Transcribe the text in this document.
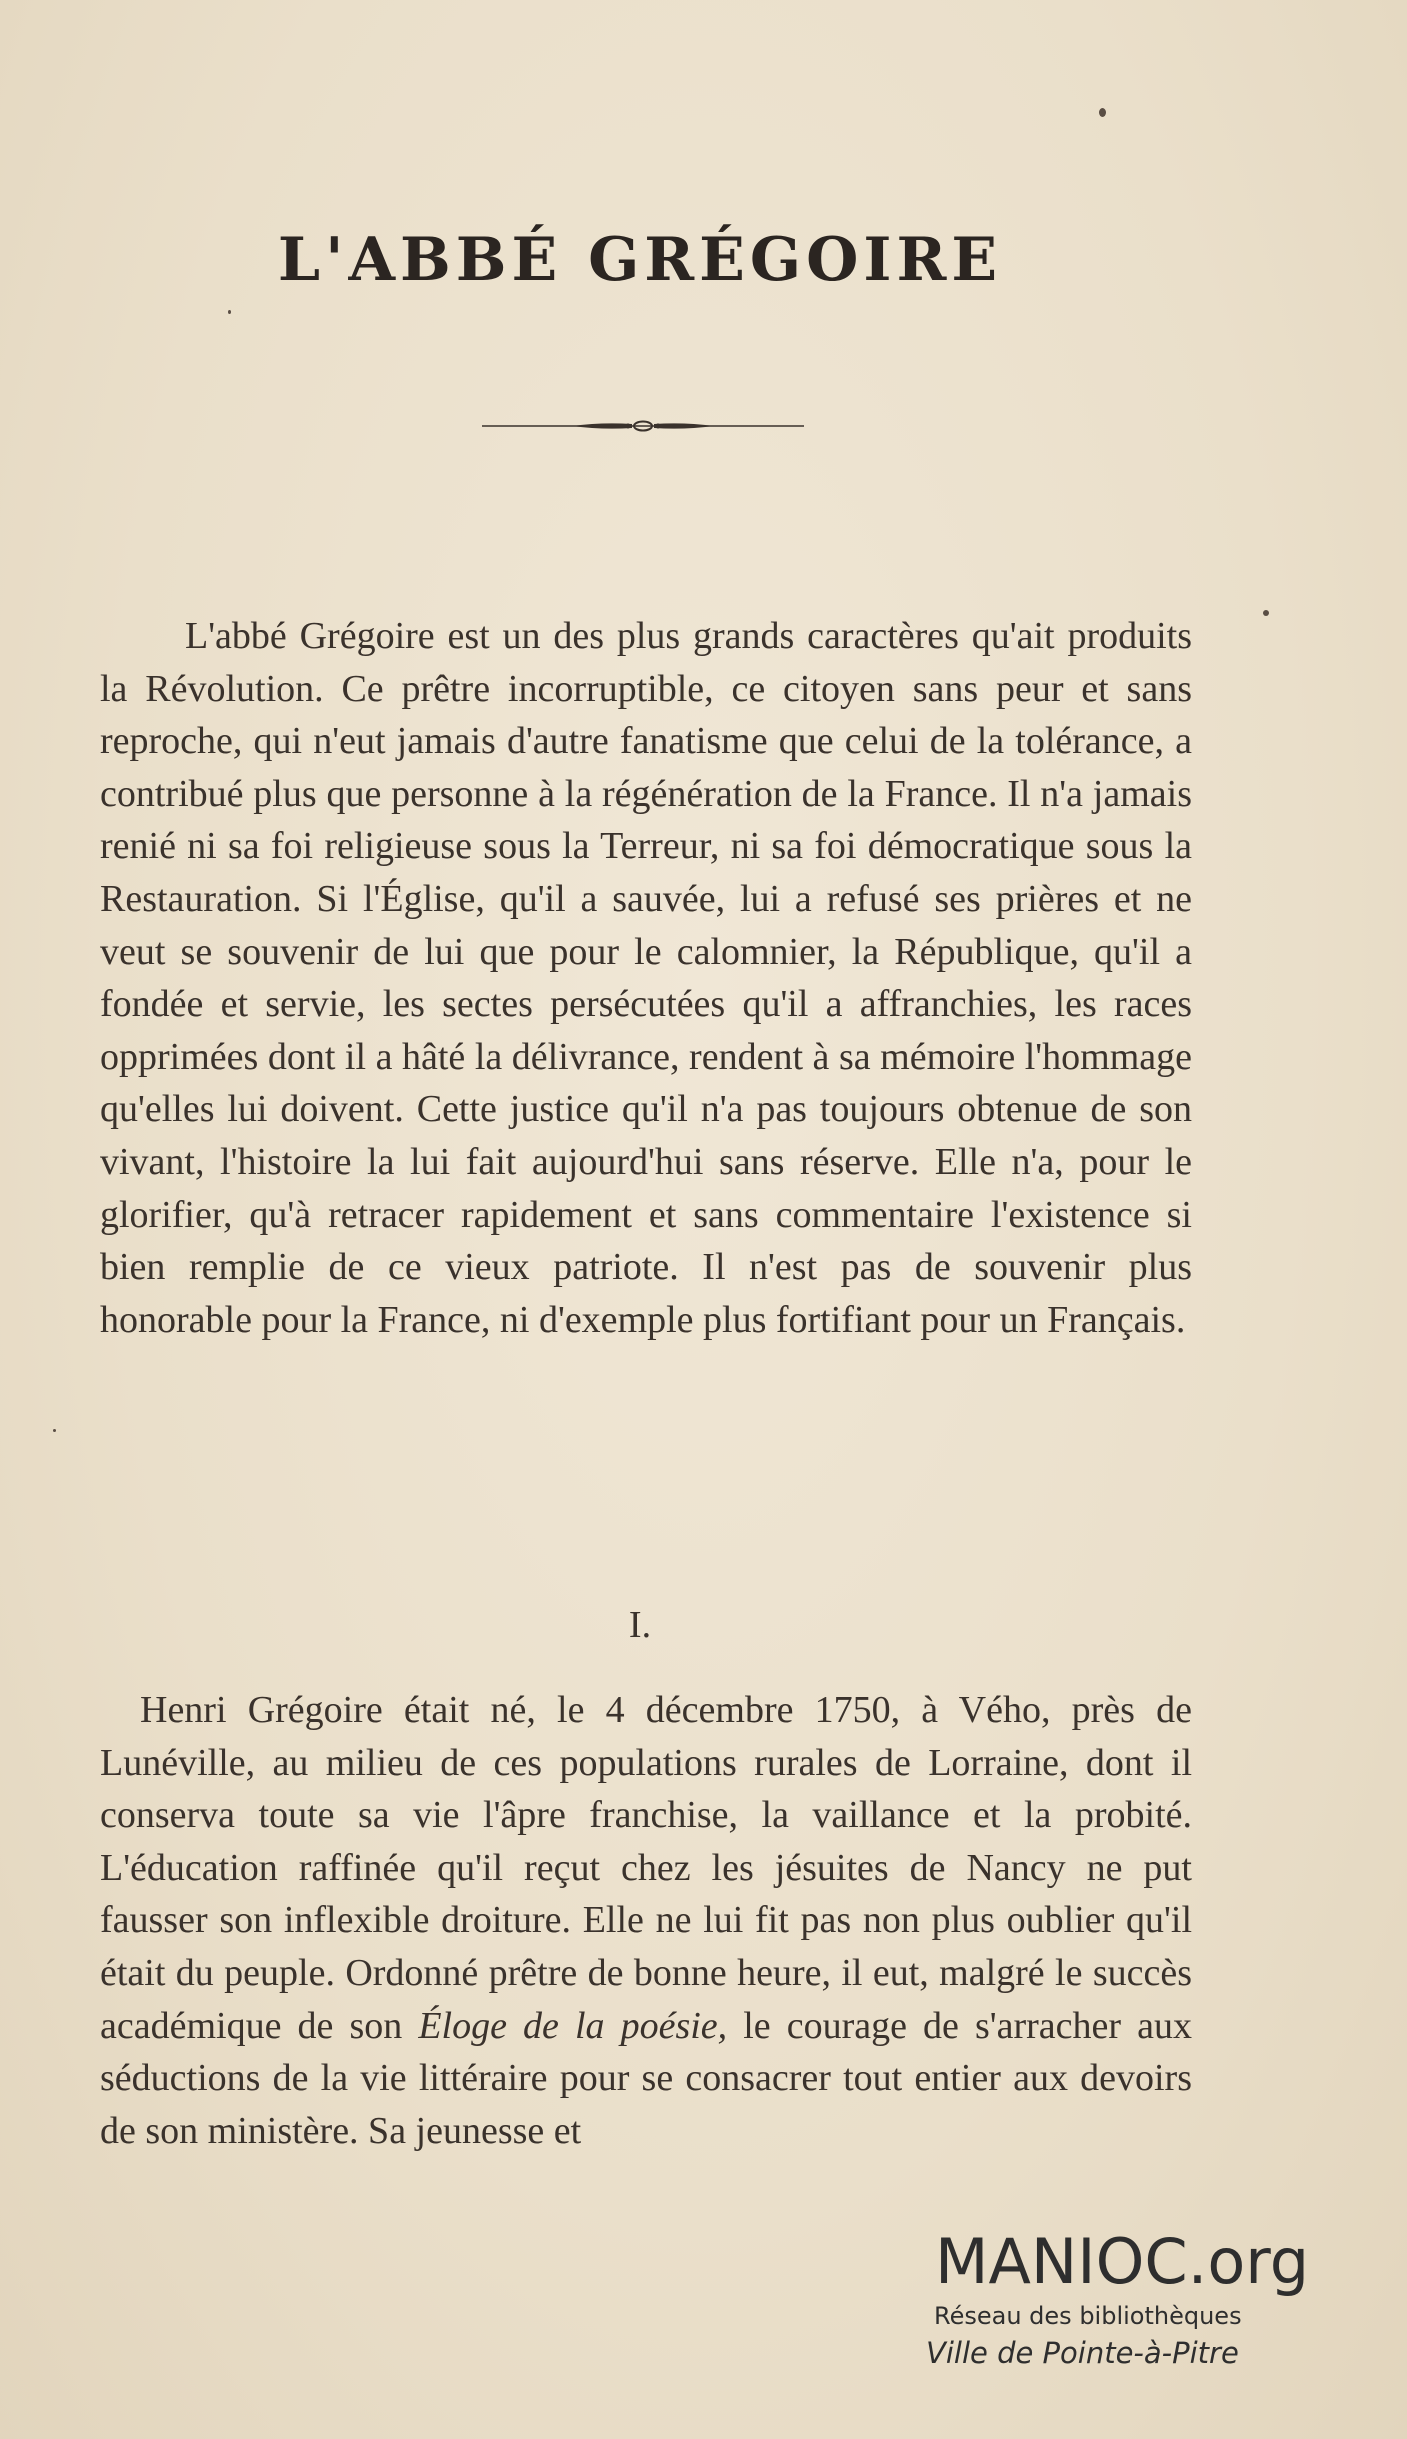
L'ABBÉ GRÉGOIRE
L'abbé Grégoire est un des plus grands caractères qu'ait produits la Révolution. Ce prêtre incorruptible, ce citoyen sans peur et sans reproche, qui n'eut jamais d'autre fanatisme que celui de la tolérance, a contribué plus que personne à la régénération de la France. Il n'a jamais renié ni sa foi religieuse sous la Terreur, ni sa foi démocratique sous la Restauration. Si l'Église, qu'il a sauvée, lui a refusé ses prières et ne veut se souvenir de lui que pour le calomnier, la République, qu'il a fondée et servie, les sectes persécutées qu'il a affranchies, les races opprimées dont il a hâté la délivrance, rendent à sa mémoire l'hommage qu'elles lui doivent. Cette justice qu'il n'a pas toujours obtenue de son vivant, l'histoire la lui fait aujourd'hui sans réserve. Elle n'a, pour le glorifier, qu'à retracer rapidement et sans commentaire l'existence si bien remplie de ce vieux patriote. Il n'est pas de souvenir plus honorable pour la France, ni d'exemple plus fortifiant pour un Français.
I.
Henri Grégoire était né, le 4 décembre 1750, à Vého, près de Lunéville, au milieu de ces populations rurales de Lorraine, dont il conserva toute sa vie l'âpre franchise, la vaillance et la probité. L'éducation raffinée qu'il reçut chez les jésuites de Nancy ne put fausser son inflexible droiture. Elle ne lui fit pas non plus oublier qu'il était du peuple. Ordonné prêtre de bonne heure, il eut, malgré le succès académique de son Éloge de la poésie, le courage de s'arracher aux séductions de la vie littéraire pour se consacrer tout entier aux devoirs de son ministère. Sa jeunesse et
MANIOC.org
Réseau des bibliothèques
Ville de Pointe-à-Pitre
